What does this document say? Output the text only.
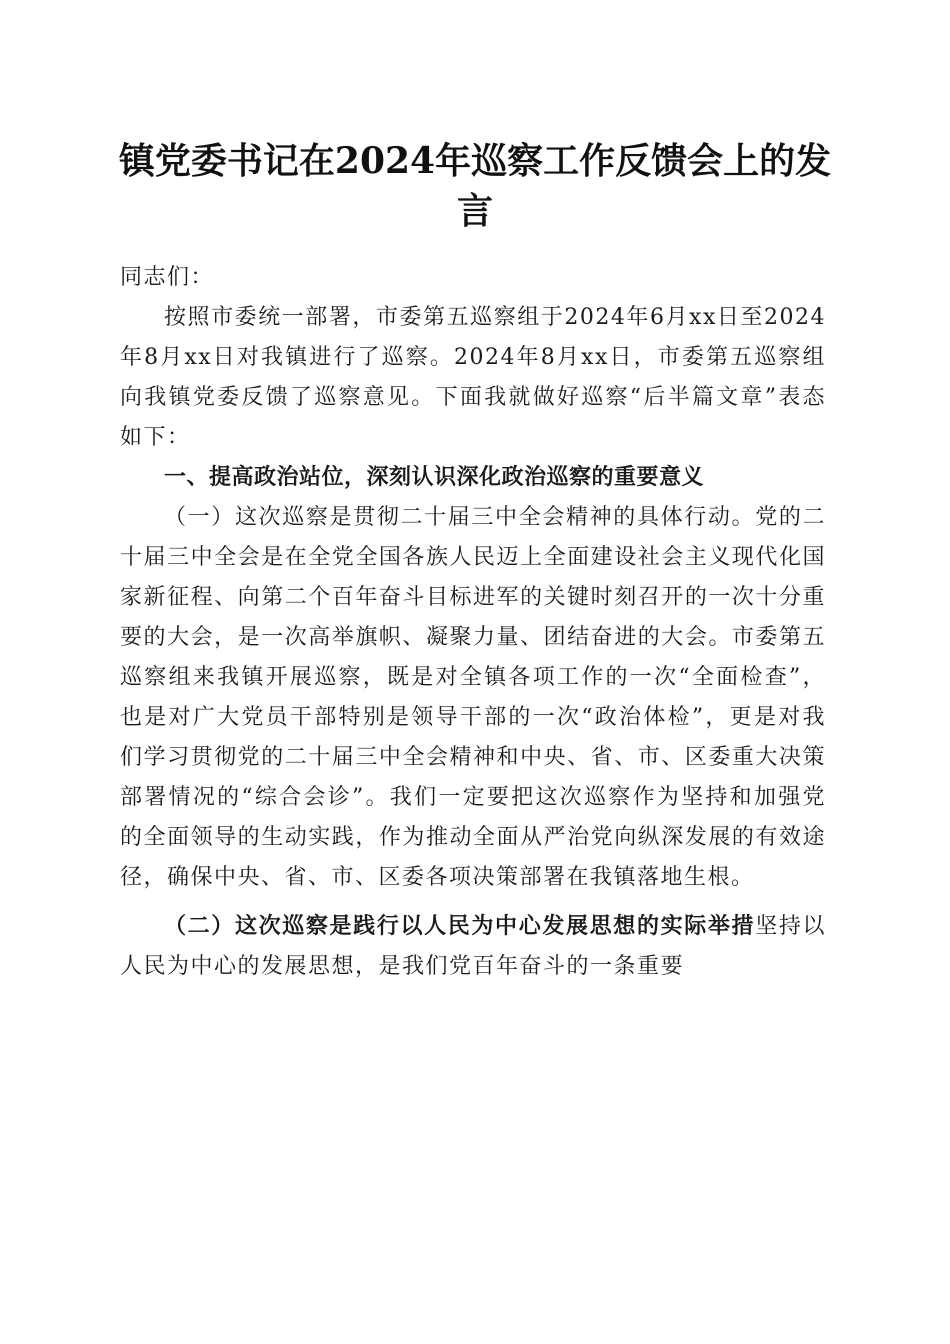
镇党委书记在2024年巡察工作反馈会上的发言

同志们：

按照市委统一部署，市委第五巡察组于2024年6月xx日至2024年8月xx日对我镇进行了巡察。2024年8月xx日，市委第五巡察组向我镇党委反馈了巡察意见。下面我就做好巡察“后半篇文章”表态如下：

一、提高政治站位，深刻认识深化政治巡察的重要意义

（一）这次巡察是贯彻二十届三中全会精神的具体行动。党的二十届三中全会是在全党全国各族人民迈上全面建设社会主义现代化国家新征程、向第二个百年奋斗目标进军的关键时刻召开的一次十分重要的大会，是一次高举旗帜、凝聚力量、团结奋进的大会。市委第五巡察组来我镇开展巡察，既是对全镇各项工作的一次“全面检查”，也是对广大党员干部特别是领导干部的一次“政治体检”，更是对我们学习贯彻党的二十届三中全会精神和中央、省、市、区委重大决策部署情况的“综合会诊”。我们一定要把这次巡察作为坚持和加强党的全面领导的生动实践，作为推动全面从严治党向纵深发展的有效途径，确保中央、省、市、区委各项决策部署在我镇落地生根。

（二）这次巡察是践行以人民为中心发展思想的实际举措坚持以人民为中心的发展思想，是我们党百年奋斗的一条重要
